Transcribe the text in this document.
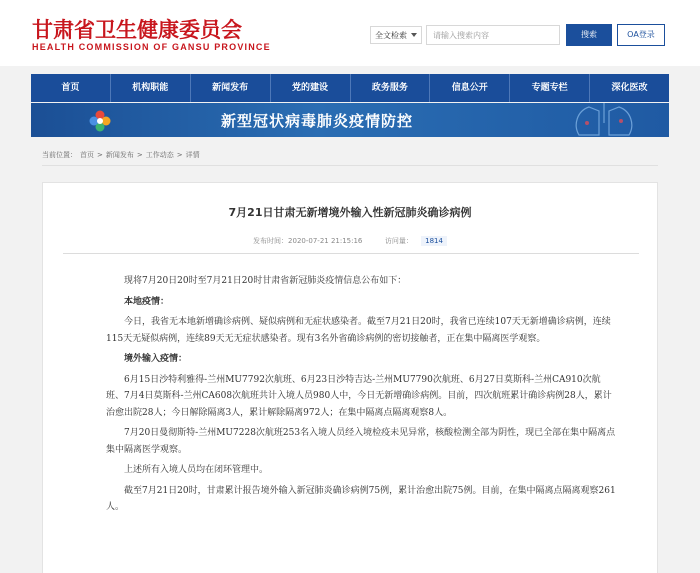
甘肃省卫生健康委员会
HEALTH COMMISSION OF GANSU PROVINCE
全文检索	请输入搜索内容	搜索	OA登录
首页	机构职能	新闻发布	党的建设	政务服务	信息公开	专题专栏	深化医改
新型冠状病毒肺炎疫情防控
当前位置： 首页 > 新闻发布 > 工作动态 > 详情
7月21日甘肃无新增境外输入性新冠肺炎确诊病例
发布时间：2020-07-21 21:15:16	访问量： 1814

现将7月20日20时至7月21日20时甘肃省新冠肺炎疫情信息公布如下：

本地疫情：

今日，我省无本地新增确诊病例、疑似病例和无症状感染者。截至7月21日20时，我省已连续107天无新增确诊病例，连续115天无疑似病例，连续89天无无症状感染者。现有3名外省确诊病例的密切接触者，正在集中隔离医学观察。

境外输入疫情：

6月15日沙特利雅得-兰州MU7792次航班、6月23日沙特吉达-兰州MU7790次航班、6月27日莫斯科-兰州CA910次航班、7月4日莫斯科-兰州CA608次航班共计入境人员980人中，今日无新增确诊病例。目前，四次航班累计确诊病例28人，累计治愈出院28人；今日解除隔离3人，累计解除隔离972人；在集中隔离点隔离观察8人。

7月20日曼彻斯特-兰州MU7228次航班253名入境人员经入境检疫未见异常，核酸检测全部为阴性，现已全部在集中隔离点集中隔离医学观察。

上述所有入境人员均在闭环管理中。

截至7月21日20时，甘肃累计报告境外输入新冠肺炎确诊病例75例，累计治愈出院75例。目前，在集中隔离点隔离观察261人。
